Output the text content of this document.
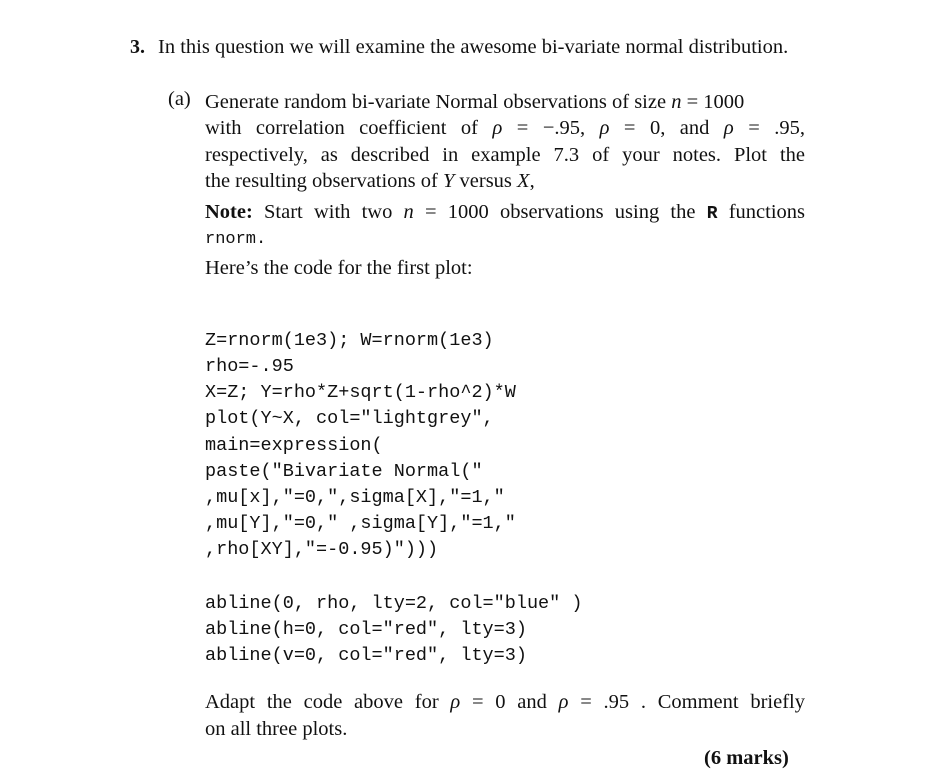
3. In this question we will examine the awesome bi-variate normal distribution.
(a) Generate random bi-variate Normal observations of size n = 1000
with correlation coefficient of ρ = −.95, ρ = 0, and ρ = .95,
respectively, as described in example 7.3 of your notes. Plot the
the resulting observations of Y versus X,
Note: Start with two n = 1000 observations using the R functions
rnorm.
Here’s the code for the first plot:
Z=rnorm(1e3); W=rnorm(1e3)
rho=-.95
X=Z; Y=rho*Z+sqrt(1-rho^2)*W
plot(Y~X, col="lightgrey",
main=expression(
paste("Bivariate Normal("
,mu[x],"=0,",sigma[X],"=1,"
,mu[Y],"=0," ,sigma[Y],"=1,"
,rho[XY],"=-0.95)")))
abline(0, rho, lty=2, col="blue" )
abline(h=0, col="red", lty=3)
abline(v=0, col="red", lty=3)
Adapt the code above for ρ = 0 and ρ = .95 . Comment briefly
on all three plots.
(6 marks)
